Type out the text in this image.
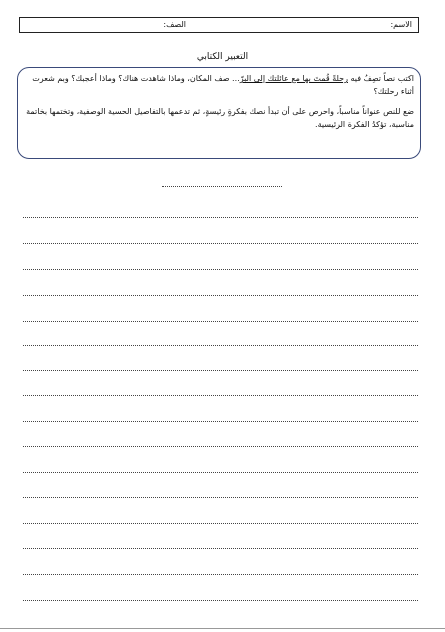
الاسم:
الصف:
التعبير الكتابي

اكتب نصاً تصِفُ فيه رحلةً قُمتَ بها مع عائلتك إلى البرّ... صف المكان، وماذا شاهدت هناك؟ وماذا أعجبك؟ وبم شعرت أثناء رحلتك؟

ضع للنص عنواناً مناسباً، واحرص على أن تبدأ نصك بفكرةٍ رئيسةٍ، ثم تدعمها بالتفاصيل الحسية الوصفية، وتختمها بخاتمة مناسبة، تؤكدُ الفكرة الرئيسية.
